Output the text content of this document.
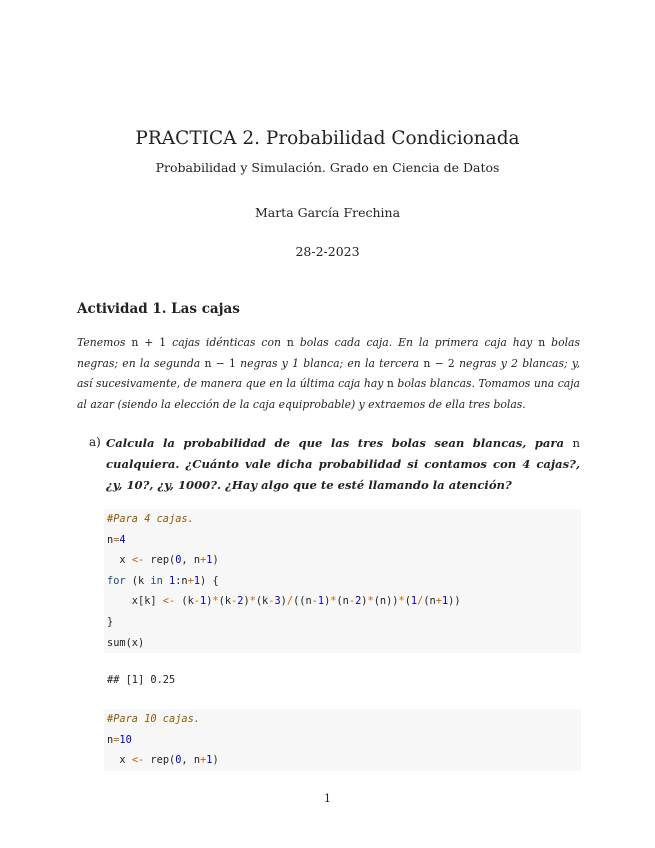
PRACTICA 2. Probabilidad Condicionada
Probabilidad y Simulación. Grado en Ciencia de Datos
Marta García Frechina
28-2-2023
Actividad 1. Las cajas
Tenemos n + 1 cajas idénticas con n bolas cada caja. En la primera caja hay n bolas negras; en la segunda n − 1 negras y 1 blanca; en la tercera n − 2 negras y 2 blancas; y, así sucesivamente, de manera que en la última caja hay n bolas blancas. Tomamos una caja al azar (siendo la elección de la caja equiprobable) y extraemos de ella tres bolas.
a) Calcula la probabilidad de que las tres bolas sean blancas, para n cualquiera. ¿Cuánto vale dicha probabilidad si contamos con 4 cajas?, ¿y, 10?, ¿y, 1000?. ¿Hay algo que te esté llamando la atención?
#Para 4 cajas.
n=4
x <- rep(0, n+1)
for (k in 1:n+1) {
x[k] <- (k-1)*(k-2)*(k-3)/((n-1)*(n-2)*(n))*(1/(n+1))
}
sum(x)
## [1] 0.25
#Para 10 cajas.
n=10
x <- rep(0, n+1)
1
